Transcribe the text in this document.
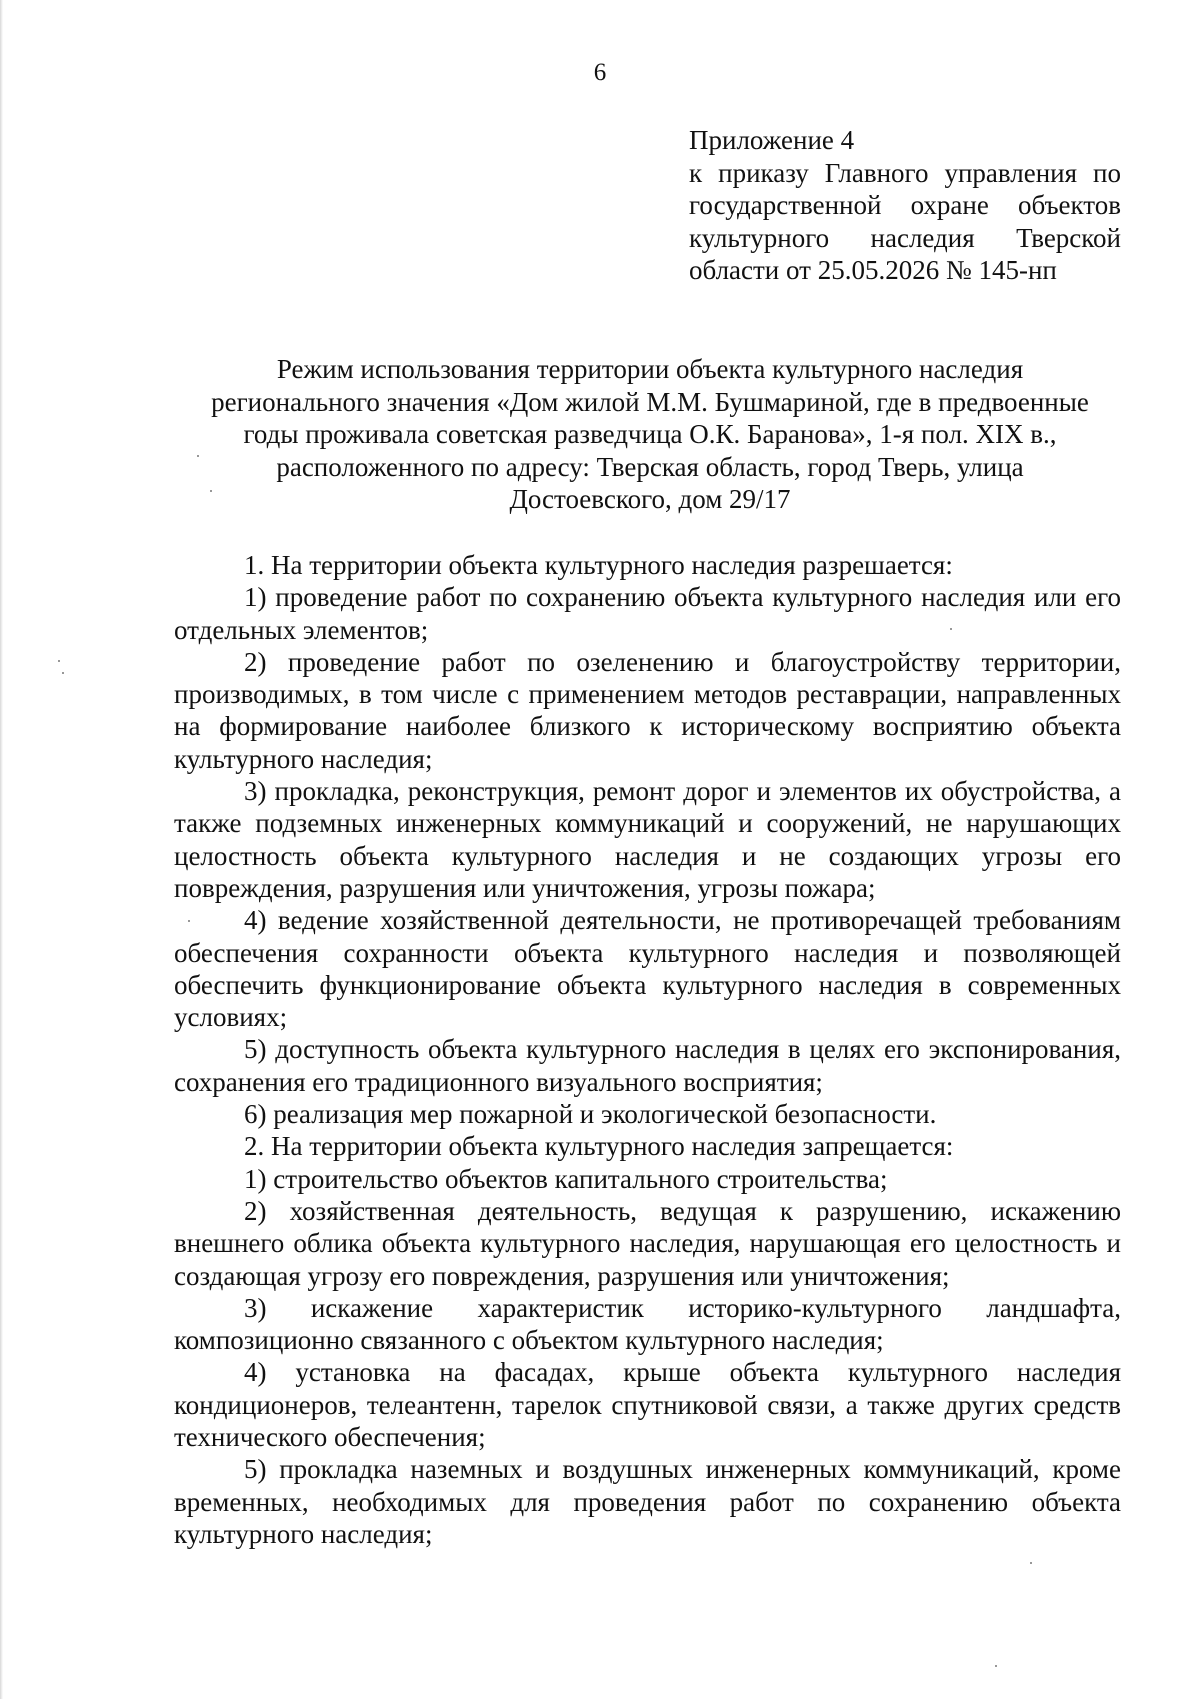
6
Приложение 4
к приказу Главного управления по
государственной охране объектов
культурного наследия Тверской
области от 25.05.2026 № 145-нп
Режим использования территории объекта культурного наследия
регионального значения «Дом жилой М.М. Бушмариной, где в предвоенные
годы проживала советская разведчица О.К. Баранова», 1-я пол. XIX в.,
расположенного по адресу: Тверская область, город Тверь, улица
Достоевского, дом 29/17

1. На территории объекта культурного наследия разрешается:

1) проведение работ по сохранению объекта культурного наследия или его отдельных элементов;

2) проведение работ по озеленению и благоустройству территории, производимых, в том числе с применением методов реставрации, направленных на формирование наиболее близкого к историческому восприятию объекта культурного наследия;

3) прокладка, реконструкция, ремонт дорог и элементов их обустройства, а также подземных инженерных коммуникаций и сооружений, не нарушающих целостность объекта культурного наследия и не создающих угрозы его повреждения, разрушения или уничтожения, угрозы пожара;

4) ведение хозяйственной деятельности, не противоречащей требованиям обеспечения сохранности объекта культурного наследия и позволяющей обеспечить функционирование объекта культурного наследия в современных условиях;

5) доступность объекта культурного наследия в целях его экспонирования, сохранения его традиционного визуального восприятия;

6) реализация мер пожарной и экологической безопасности.

2. На территории объекта культурного наследия запрещается:

1) строительство объектов капитального строительства;

2) хозяйственная деятельность, ведущая к разрушению, искажению внешнего облика объекта культурного наследия, нарушающая его целостность и создающая угрозу его повреждения, разрушения или уничтожения;

3) искажение характеристик историко-культурного ландшафта, композиционно связанного с объектом культурного наследия;

4) установка на фасадах, крыше объекта культурного наследия кондиционеров, телеантенн, тарелок спутниковой связи, а также других средств технического обеспечения;

5) прокладка наземных и воздушных инженерных коммуникаций, кроме временных, необходимых для проведения работ по сохранению объекта культурного наследия;
